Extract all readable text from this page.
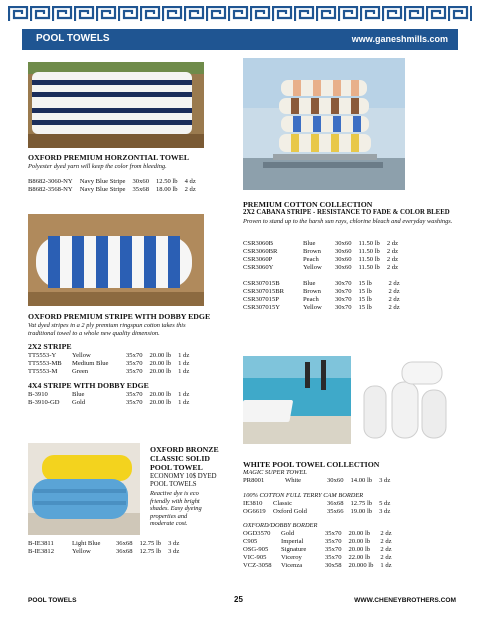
POOL TOWELS	www.ganeshmills.com
OXFORD PREMIUM HORZONTIAL TOWEL
Polyester dyed yarn will keep the color from bleeding.
B8682-3060-NY	Navy Blue Stripe	30x60	12.50 lb	4 dz
B8682-3568-NY	Navy Blue Stripe	35x68	18.00 lb	2 dz
PREMIUM COTTON COLLECTION
2X2 CABANA STRIPE - RESISTANCE TO FADE & COLOR BLEED
Proven to stand up to the harsh sun rays, chlorine bleach and everyday washings.
CSR3060B	Blue	30x60	11.50 lb	2 dz
CSR3060BR	Brown	30x60	11.50 lb	2 dz
CSR3060P	Peach	30x60	11.50 lb	2 dz
CSR3060Y	Yellow	30x60	11.50 lb	2 dz
CSR307015B	Blue	30x70	15 lb	2 dz
CSR307015BR	Brown	30x70	15 lb	2 dz
CSR307015P	Peach	30x70	15 lb	2 dz
CSR307015Y	Yellow	30x70	15 lb	2 dz
OXFORD PREMIUM STRIPE WITH DOBBY EDGE
Vat dyed stripes in a 2 ply premium ringspun cotton takes this traditional towel to a whole new quality dimension.
2X2 STRIPE
TT5553-Y	Yellow	35x70	20.00 lb	1 dz
TT5553-MB	Medium Blue	35x70	20.00 lb	1 dz
TT5553-M	Green	35x70	20.00 lb	1 dz
4X4 STRIPE WITH DOBBY EDGE
B-3910	Blue	35x70	20.00 lb	1 dz
B-3910-GD	Gold	35x70	20.00 lb	1 dz
OXFORD BRONZE
CLASSIC SOLID
POOL TOWEL
ECONOMY 10$ DYED
POOL TOWELS
Reactive dye is eco
friendly with bright
shades. Easy dyeing
properties and
moderate cost.
B-IE3811	Light Blue	36x68	12.75 lb	3 dz
B-IE3812	Yellow	36x68	12.75 lb	3 dz
WHITE POOL TOWEL COLLECTION
MAGIC SUPER TOWEL
PR8001	White	30x60	14.00 lb	3 dz
100% COTTON FULL TERRY CAM BORDER
IE3810	Classic	36x68	12.75 lb	5 dz
OG6619	Oxford Gold	35x66	19.00 lb	3 dz
OXFORD/DOBBY BORDER
OGD3570	Gold	35x70	20.00 lb	2 dz
C905	Imperial	35x70	20.00 lb	2 dz
OSG-905	Signature	35x70	20.00 lb	2 dz
VIC-905	Viceroy	35x70	22.00 lb	2 dz
VCZ-3058	Vicenza	30x58	20.000 lb	1 dz
POOL TOWELS	25	WWW.CHENEYBROTHERS.COM
